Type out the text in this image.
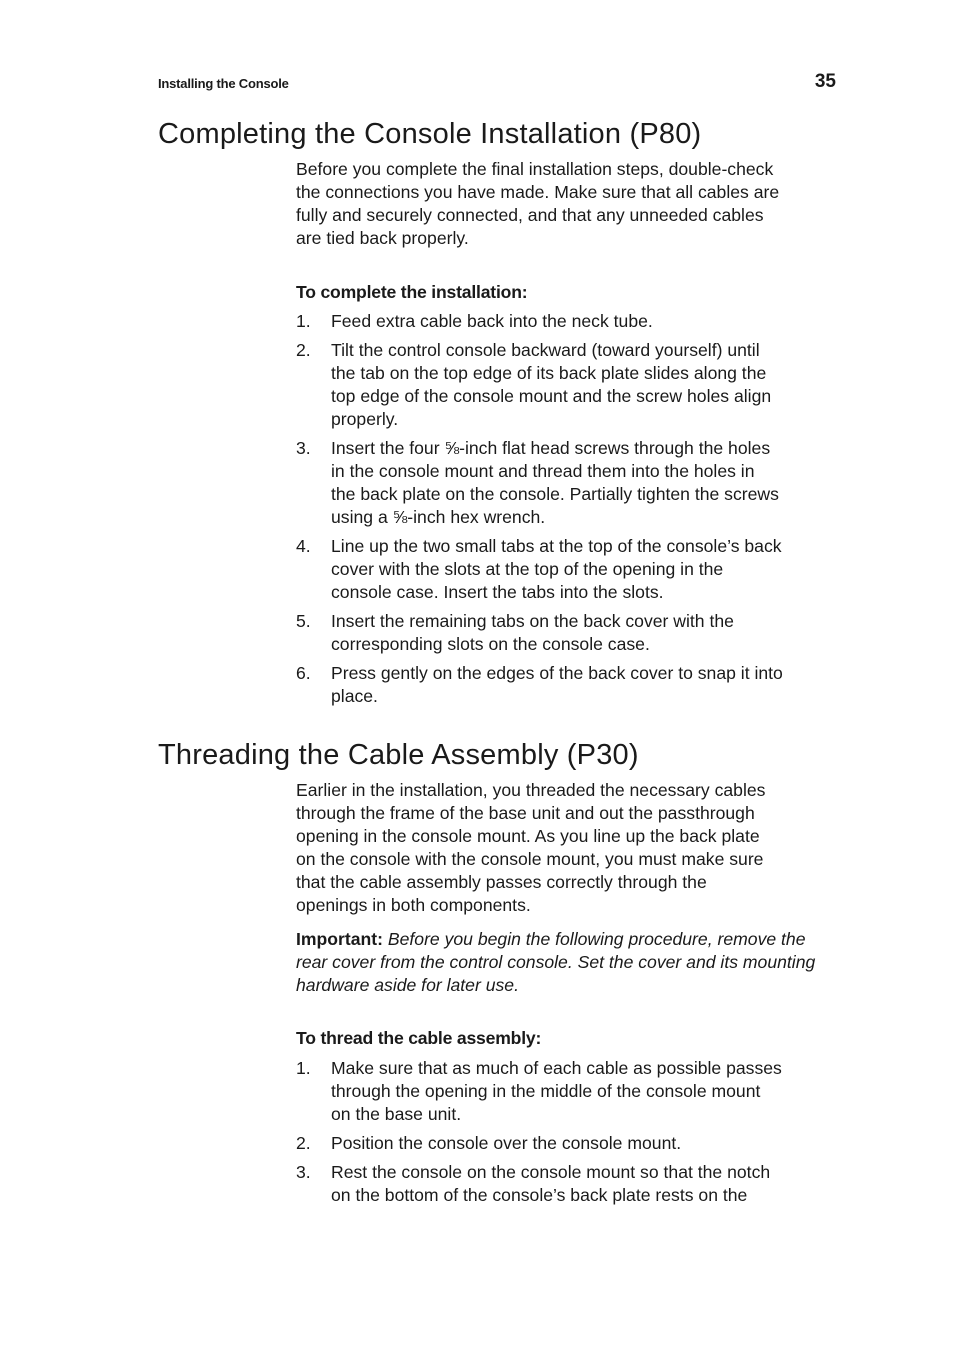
Installing the Console	35
Completing the Console Installation (P80)

Before you complete the final installation steps, double-check
the connections you have made. Make sure that all cables are
fully and securely connected, and that any unneeded cables
are tied back properly.

To complete the installation:

1. Feed extra cable back into the neck tube.
2. Tilt the control console backward (toward yourself) until
the tab on the top edge of its back plate slides along the
top edge of the console mount and the screw holes align
properly.
3. Insert the four ⅝-inch flat head screws through the holes
in the console mount and thread them into the holes in
the back plate on the console. Partially tighten the screws
using a ⅝-inch hex wrench.
4. Line up the two small tabs at the top of the console’s back
cover with the slots at the top of the opening in the
console case. Insert the tabs into the slots.
5. Insert the remaining tabs on the back cover with the
corresponding slots on the console case.
6. Press gently on the edges of the back cover to snap it into
place.
Threading the Cable Assembly (P30)

Earlier in the installation, you threaded the necessary cables
through the frame of the base unit and out the passthrough
opening in the console mount. As you line up the back plate
on the console with the console mount, you must make sure
that the cable assembly passes correctly through the
openings in both components.

Important: Before you begin the following procedure, remove the
rear cover from the control console. Set the cover and its mounting
hardware aside for later use.

To thread the cable assembly:

1. Make sure that as much of each cable as possible passes
through the opening in the middle of the console mount
on the base unit.
2. Position the console over the console mount.
3. Rest the console on the console mount so that the notch
on the bottom of the console’s back plate rests on the
